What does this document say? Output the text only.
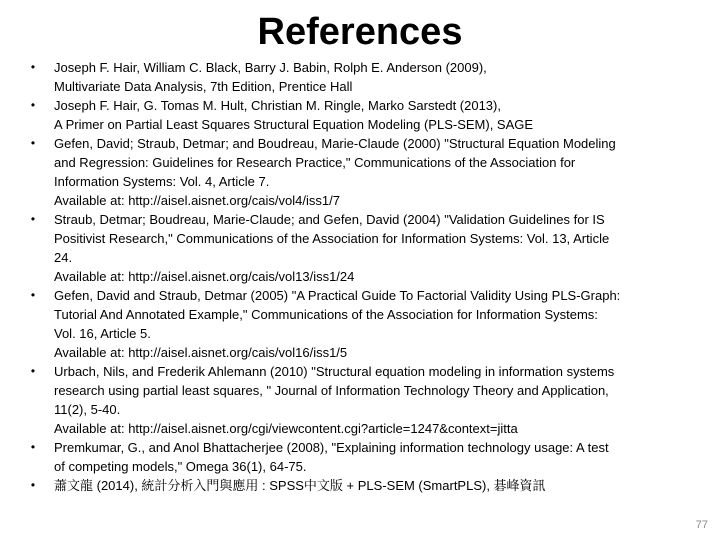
References
•	Joseph F. Hair, William C. Black, Barry J. Babin, Rolph E. Anderson (2009),
Multivariate Data Analysis, 7th Edition, Prentice Hall
•	Joseph F. Hair, G. Tomas M. Hult, Christian M. Ringle, Marko Sarstedt (2013),
A Primer on Partial Least Squares Structural Equation Modeling (PLS-SEM), SAGE
•	Gefen, David; Straub, Detmar; and Boudreau, Marie-Claude (2000) "Structural Equation Modeling
and Regression: Guidelines for Research Practice," Communications of the Association for
Information Systems: Vol. 4, Article 7.
Available at: http://aisel.aisnet.org/cais/vol4/iss1/7
•	Straub, Detmar; Boudreau, Marie-Claude; and Gefen, David (2004) "Validation Guidelines for IS
Positivist Research," Communications of the Association for Information Systems: Vol. 13, Article
24.
Available at: http://aisel.aisnet.org/cais/vol13/iss1/24
•	Gefen, David and Straub, Detmar (2005) "A Practical Guide To Factorial Validity Using PLS-Graph:
Tutorial And Annotated Example," Communications of the Association for Information Systems:
Vol. 16, Article 5.
Available at: http://aisel.aisnet.org/cais/vol16/iss1/5
•	Urbach, Nils, and Frederik Ahlemann (2010) "Structural equation modeling in information systems
research using partial least squares, " Journal of Information Technology Theory and Application,
11(2), 5-40.
Available at: http://aisel.aisnet.org/cgi/viewcontent.cgi?article=1247&context=jitta
•	Premkumar, G., and Anol Bhattacherjee (2008), "Explaining information technology usage: A test
of competing models," Omega 36(1), 64-75.
•	蕭文龍 (2014), 統計分析入門與應用 : SPSS中文版 + PLS-SEM (SmartPLS), 碁峰資訊
77
